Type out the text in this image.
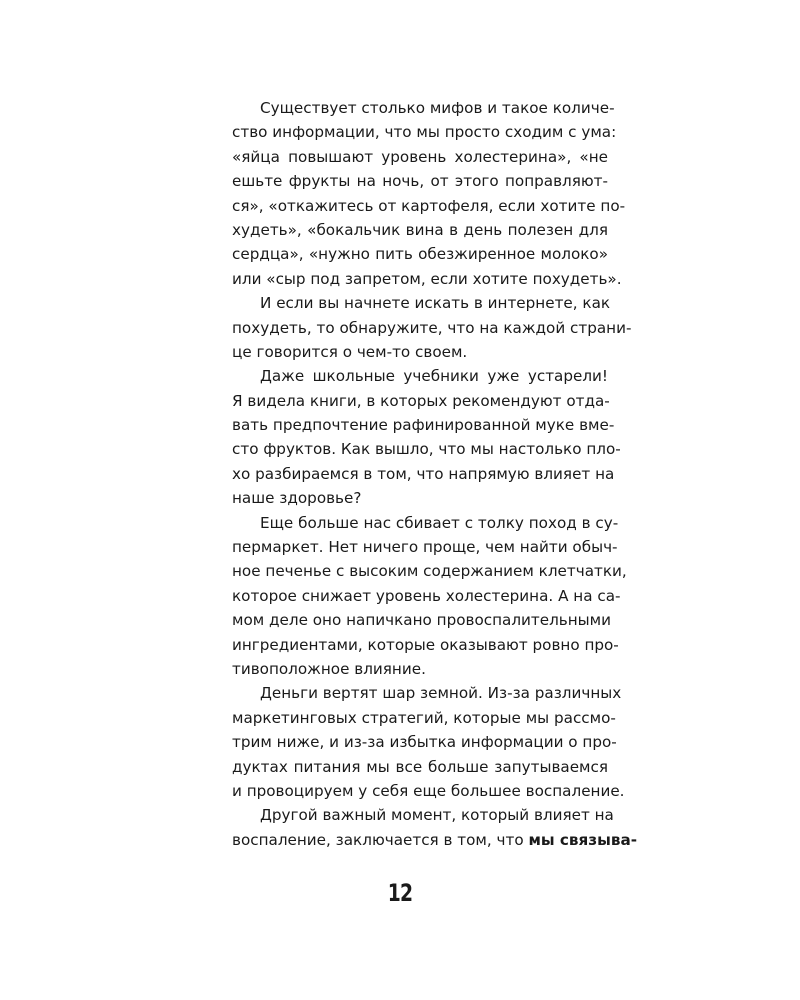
Существует столько мифов и такое количе-
ство информации, что мы просто сходим с ума:
«яйца повышают уровень холестерина», «не
ешьте фрукты на ночь, от этого поправляют-
ся», «откажитесь от картофеля, если хотите по-
худеть», «бокальчик вина в день полезен для
сердца», «нужно пить обезжиренное молоко»
или «сыр под запретом, если хотите похудеть».
И если вы начнете искать в интернете, как
похудеть, то обнаружите, что на каждой страни-
це говорится о чем-то своем.
Даже школьные учебники уже устарели!
Я видела книги, в которых рекомендуют отда-
вать предпочтение рафинированной муке вме-
сто фруктов. Как вышло, что мы настолько пло-
хо разбираемся в том, что напрямую влияет на
наше здоровье?
Еще больше нас сбивает с толку поход в су-
пермаркет. Нет ничего проще, чем найти обыч-
ное печенье с высоким содержанием клетчатки,
которое снижает уровень холестерина. А на са-
мом деле оно напичкано провоспалительными
ингредиентами, которые оказывают ровно про-
тивоположное влияние.
Деньги вертят шар земной. Из-за различных
маркетинговых стратегий, которые мы рассмо-
трим ниже, и из-за избытка информации о про-
дуктах питания мы все больше запутываемся
и провоцируем у себя еще большее воспаление.
Другой важный момент, который влияет на
воспаление, заключается в том, что мы связыва-
12
